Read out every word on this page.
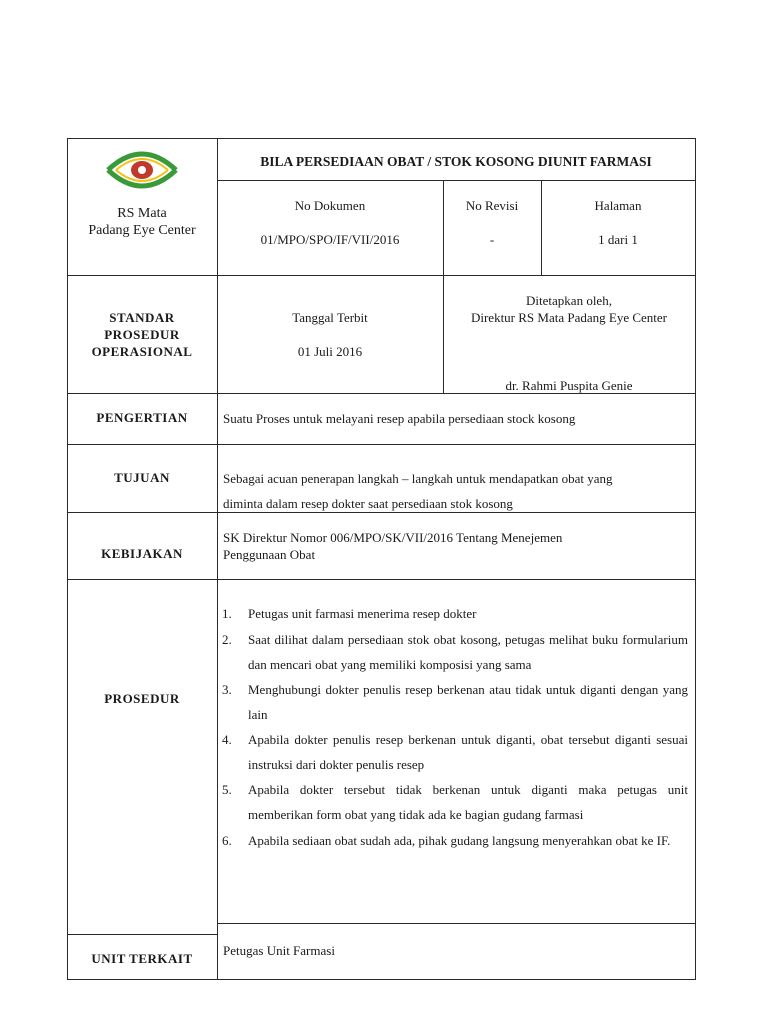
RS Mata
Padang Eye Center
BILA PERSEDIAAN OBAT / STOK KOSONG DIUNIT FARMASI
No Dokumen
01/MPO/SPO/IF/VII/2016
No Revisi
-
Halaman
1 dari 1
STANDAR
PROSEDUR
OPERASIONAL
Tanggal Terbit
01 Juli 2016
Ditetapkan oleh,
Direktur RS Mata Padang Eye Center
dr. Rahmi Puspita Genie
PENGERTIAN	Suatu Proses untuk melayani resep apabila persediaan stock kosong
TUJUAN	Sebagai acuan penerapan langkah – langkah untuk mendapatkan obat yang
diminta dalam resep dokter saat persediaan stok kosong
KEBIJAKAN
SK Direktur Nomor 006/MPO/SK/VII/2016 Tentang Menejemen
Penggunaan Obat
PROSEDUR
1. Petugas unit farmasi menerima resep dokter
2. Saat dilihat dalam persediaan stok obat kosong, petugas melihat buku formularium dan mencari obat yang memiliki komposisi yang sama
3. Menghubungi dokter penulis resep berkenan atau tidak untuk diganti dengan yang lain
4. Apabila dokter penulis resep berkenan untuk diganti, obat tersebut diganti sesuai instruksi dari dokter penulis resep
5. Apabila dokter tersebut tidak berkenan untuk diganti maka petugas unit memberikan form obat yang tidak ada ke bagian gudang farmasi
6. Apabila sediaan obat sudah ada, pihak gudang langsung menyerahkan obat ke IF.
UNIT TERKAIT
Petugas Unit Farmasi
